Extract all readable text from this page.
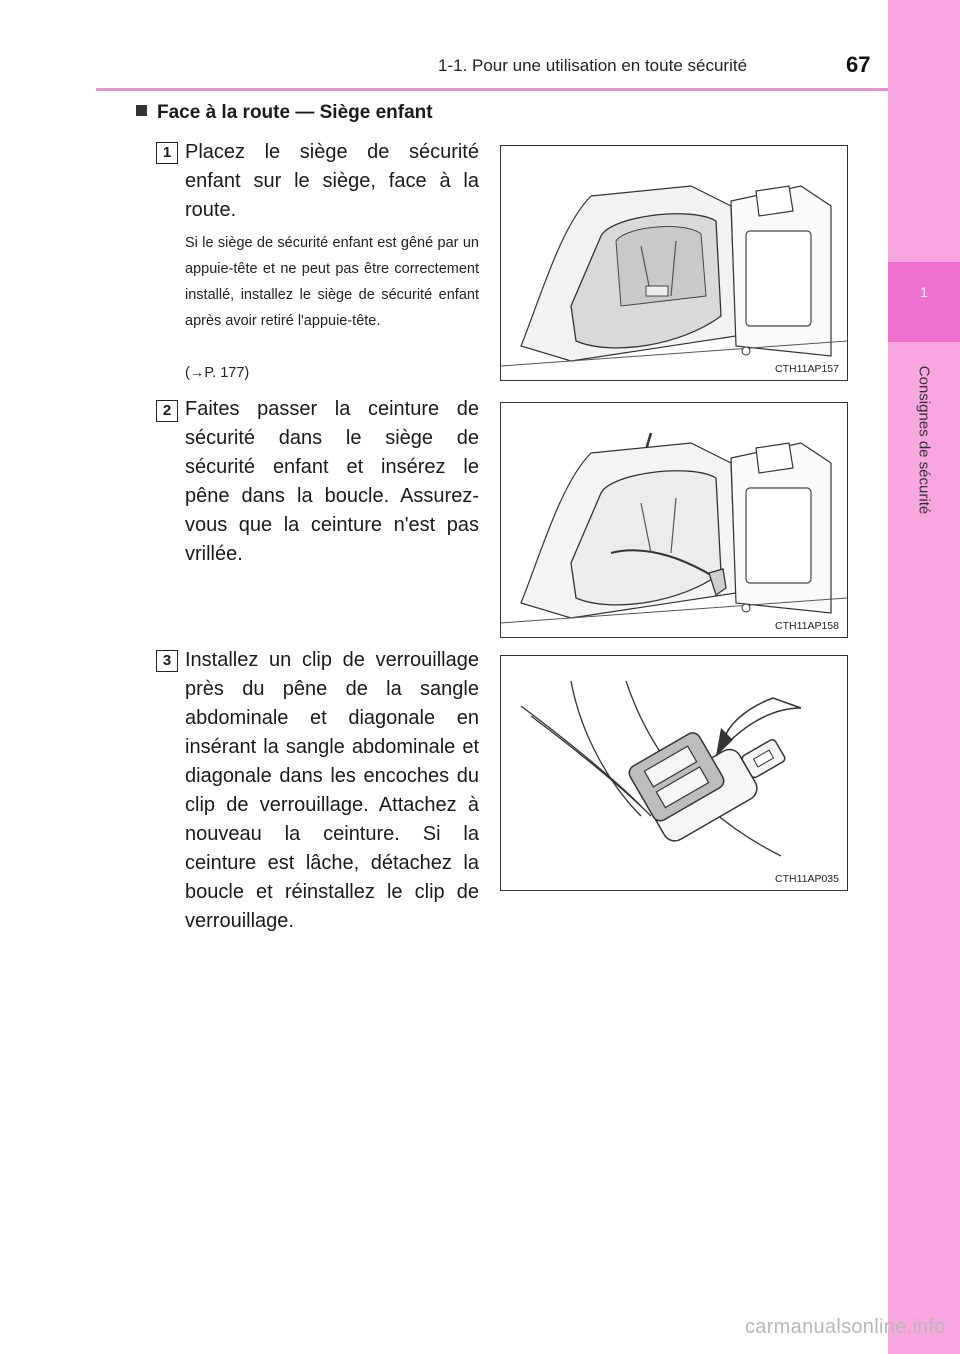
1-1. Pour une utilisation en toute sécurité	67
1
Consignes de sécurité
Face à la route — Siège enfant
1 Placez le siège de sécurité enfant sur le siège, face à la route.
Si le siège de sécurité enfant est gêné par un appuie-tête et ne peut pas être correctement installé, installez le siège de sécurité enfant après avoir retiré l'appuie-tête.
(→P. 177)	CTH11AP157
2 Faites passer la ceinture de sécurité dans le siège de sécurité enfant et insérez le pêne dans la boucle. Assurez-vous que la ceinture n'est pas vrillée.
CTH11AP158
3 Installez un clip de verrouillage près du pêne de la sangle abdominale et diagonale en insérant la sangle abdominale et diagonale dans les encoches du clip de verrouillage. Attachez à nouveau la ceinture. Si la ceinture est lâche, détachez la boucle et réinstallez le clip de verrouillage.
CTH11AP035
carmanualsonline.info
